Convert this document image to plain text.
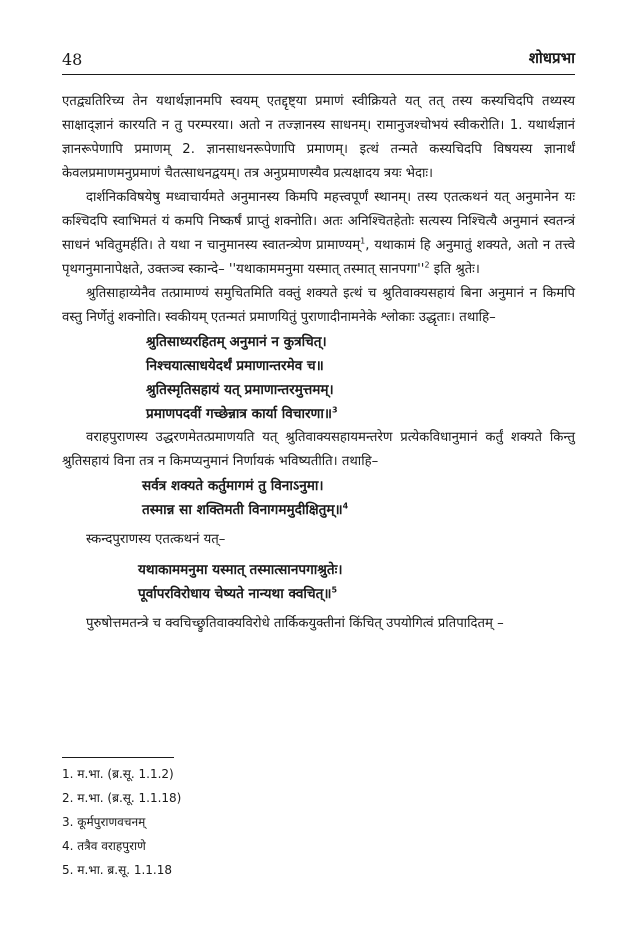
48	शोधप्रभा

एतद्व्यतिरिच्य तेन यथार्थज्ञानमपि स्वयम् एतद्दृष्ट्या प्रमाणं स्वीक्रियते यत् तत् तस्य कस्यचिदपि तथ्यस्य साक्षाद्ज्ञानं कारयति न तु परम्परया। अतो न तज्ज्ञानस्य साधनम्। रामानुजश्चोभयं स्वीकरोति। 1. यथार्थज्ञानं ज्ञानरूपेणापि प्रमाणम् 2. ज्ञानसाधनरूपेणापि प्रमाणम्। इत्थं तन्मते कस्यचिदपि विषयस्य ज्ञानार्थं केवलप्रमाणमनुप्रमाणं चैतत्साधनद्वयम्। तत्र अनुप्रमाणस्यैव प्रत्यक्षादय त्रयः भेदाः।

दार्शनिकविषयेषु मध्वाचार्यमते अनुमानस्य किमपि महत्त्वपूर्णं स्थानम्। तस्य एतत्कथनं यत् अनुमानेन यः कश्चिदपि स्वाभिमतं यं कमपि निष्कर्षं प्राप्तुं शक्नोति। अतः अनिश्चितहेतोः सत्यस्य निश्चित्यै अनुमानं स्वतन्त्रं साधनं भवितुमर्हति। ते यथा न चानुमानस्य स्वातन्त्र्येण प्रामाण्यम्$^1$, यथाकामं हि अनुमातुं शक्यते, अतो न तत्त्वे पृथगनुमानापेक्षते, उक्तञ्च स्कान्दे– ''यथाकाममनुमा यस्मात् तस्मात् $सानपगा''^2$ इति श्रुतेः।

श्रुतिसाहाय्येनैव तत्प्रामाण्यं समुचितमिति वक्तुं शक्यते इत्थं च श्रुतिवाक्यसहायं बिना अनुमानं न किमपि वस्तु निर्णेतुं शक्नोति। स्वकीयम् एतन्मतं प्रमाणयितुं पुराणादीनामनेके श्लोकाः उद्धृताः। तथाहि–

श्रुतिसाध्यरहितम् अनुमानं न कुत्रचित्।

निश्चयात्साधयेदर्थं प्रमाणान्तरमेव च॥

श्रुतिस्मृतिसहायं यत् प्रमाणान्तरमुत्तमम्।

प्रमाणपदवीं गच्छेन्नात्र कार्या विचारणा॥$^3$

वराहपुराणस्य उद्धरणमेतत्प्रमाणयति यत् श्रुतिवाक्यसहायमन्तरेण प्रत्येकविधानुमानं कर्तुं शक्यते किन्तु श्रुतिसहायं विना तत्र न किमप्यनुमानं निर्णायकं भविष्यतीति। तथाहि–

सर्वत्र शक्यते कर्तुमागमं तु विनाऽनुमा।

तस्मान्न सा शक्तिमती विनागममुदीक्षितुम्॥$^4$

स्कन्दपुराणस्य एतत्कथनं यत्–

यथाकाममनुमा यस्मात् तस्मात्सानपगाश्रुतेः।

पूर्वापरविरोधाय चेष्यते नान्यथा क्वचित्॥$^5$

पुरुषोत्तमतन्त्रे च क्वचिच्छ्रुतिवाक्यविरोधे तार्किकयुक्तीनां किंचित् उपयोगित्वं प्रतिपादितम् –

1. म.भा. (ब्र.सू. 1.1.2)

2. म.भा. (ब्र.सू. 1.1.18)

3. कूर्मपुराणवचनम्

4. तत्रैव वराहपुराणे

5. म.भा. ब्र.सू. 1.1.18
